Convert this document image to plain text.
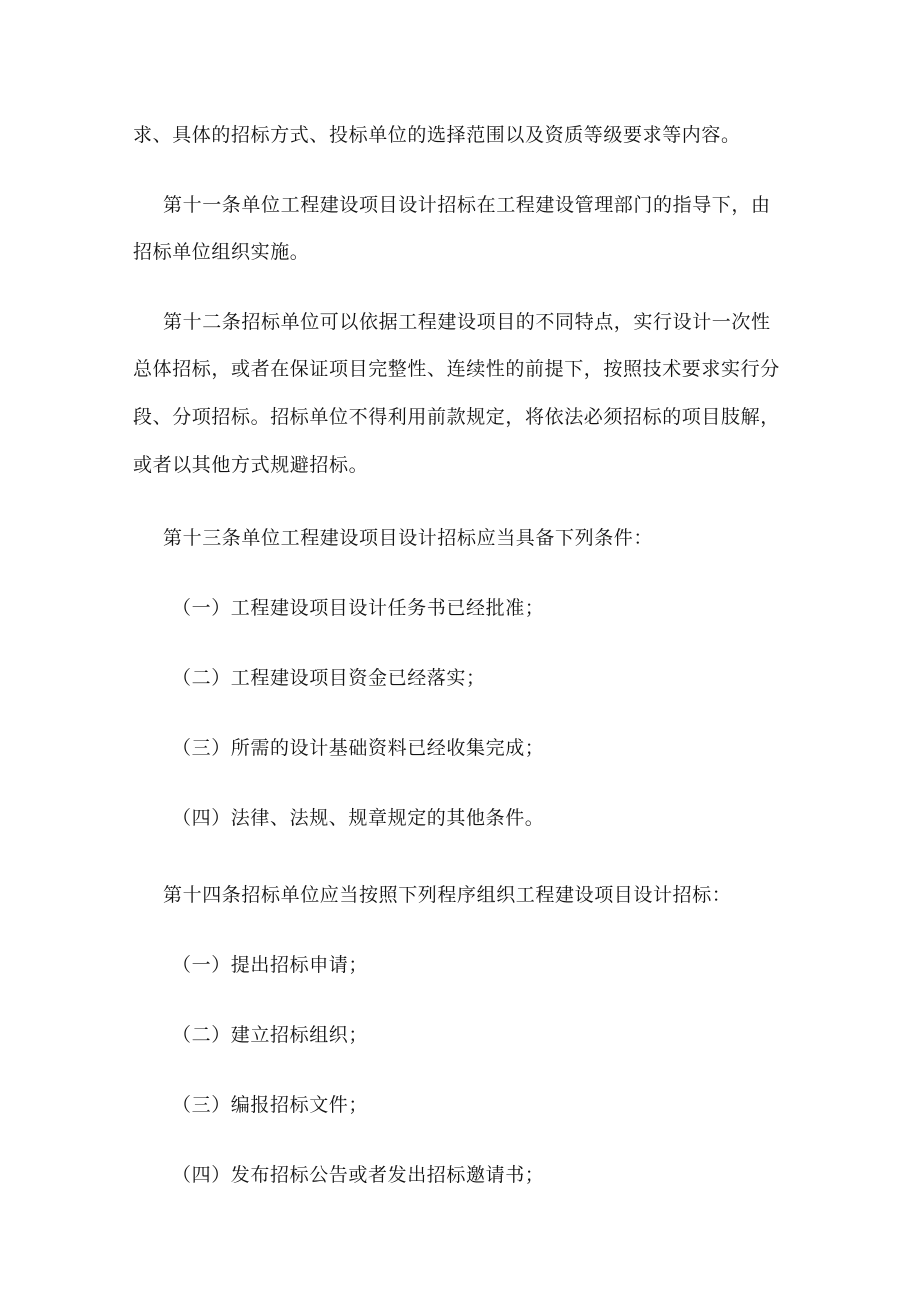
求、具体的招标方式、投标单位的选择范围以及资质等级要求等内容。
第十一条单位工程建设项目设计招标在工程建设管理部门的指导下，由
招标单位组织实施。
第十二条招标单位可以依据工程建设项目的不同特点，实行设计一次性
总体招标，或者在保证项目完整性、连续性的前提下，按照技术要求实行分
段、分项招标。招标单位不得利用前款规定，将依法必须招标的项目肢解，
或者以其他方式规避招标。
第十三条单位工程建设项目设计招标应当具备下列条件：
（一）工程建设项目设计任务书已经批准；
（二）工程建设项目资金已经落实；
（三）所需的设计基础资料已经收集完成；
（四）法律、法规、规章规定的其他条件。
第十四条招标单位应当按照下列程序组织工程建设项目设计招标：
（一）提出招标申请；
（二）建立招标组织；
（三）编报招标文件；
（四）发布招标公告或者发出招标邀请书；
